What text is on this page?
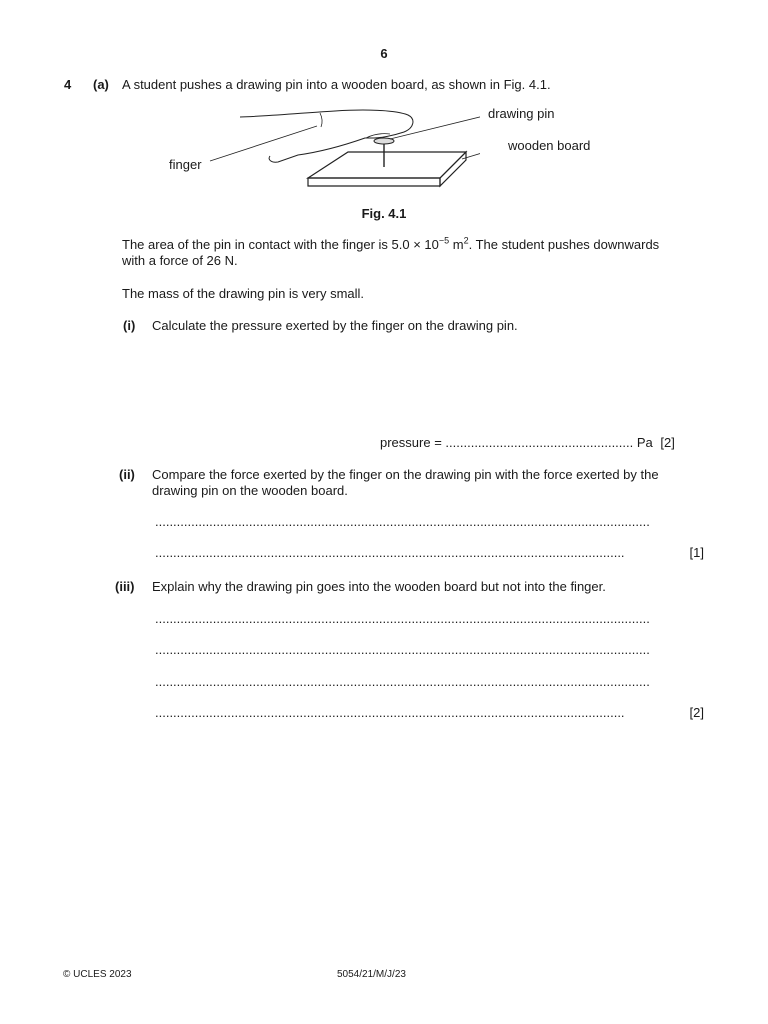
6
4 (a) A student pushes a drawing pin into a wooden board, as shown in Fig. 4.1.
drawing pin
wooden board
finger
Fig. 4.1
The area of the pin in contact with the finger is $5.0 \times 10^{-5}$ $m^2$. The student pushes downwards
with a force of 26 N.
The mass of the drawing pin is very small.
(i) Calculate the pressure exerted by the finger on the drawing pin.
pressure = .................................................... Pa [2]
(ii) Compare the force exerted by the finger on the drawing pin with the force exerted by the
drawing pin on the wooden board.
.........................................................................................................................................
..................................................................................................................................	[1]
(iii) Explain why the drawing pin goes into the wooden board but not into the finger.
.........................................................................................................................................
.........................................................................................................................................
.........................................................................................................................................
..................................................................................................................................	[2]
© UCLES 2023	5054/21/M/J/23
